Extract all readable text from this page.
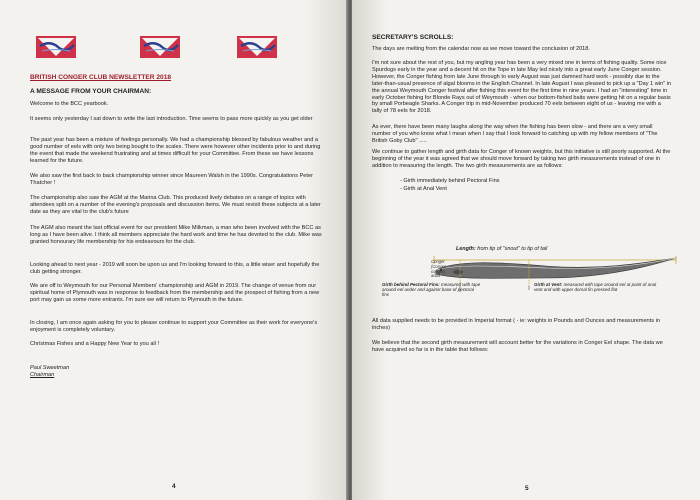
BRITISH CONGER CLUB NEWSLETTER 2018

A MESSAGE FROM YOUR CHAIRMAN:

Welcome to the BCC yearbook.

It seems only yesterday I sat down to write the last introduction. Time seems to pass more quickly as you get older

The past year has been a mixture of feelings personally. We had a championship blessed by fabulous weather and a good number of eels with only two being bought to the scales. There were however other incidents prior to and during the event that made the weekend frustrating and at times difficult for your Committee. From these we have lessons learned for the future.

We also saw the first back to back championship winner since Maureen Walsh in the 1990s. Congratulations Peter Thatcher !

The championship also saw the AGM at the Marina Club. This produced lively debates on a range of topics with attendees split on a number of the evening's proposals and discussion items. We must revisit these subjects at a later date as they are vital to the club's future

The AGM also meant the last official event for our president Mike Milkman, a man who been involved with the BCC as long as I have been alive. I think all members appreciate the hard work and time he has devoted to the club. Mike was granted honourary life membership for his endeavours for the club.

Looking ahead to next year - 2019 will soon be upon us and I'm looking forward to this, a little wiser and hopefully the club getting stronger.

We are off to Weymouth for our Personal Members' championship and AGM in 2019. The change of venue from our spiritual home of Plymouth was in response to feedback from the membership and the prospect of fishing from a new port may gain us some more entrants. I'm sure we will return to Plymouth in the future.

In closing, I am once again asking for you to please continue to support your Committee as their work for everyone's enjoyment is completely voluntary.

Christmas Fishes and a Happy New Year to you all !

Paul Sweetman

Chairman

4

SECRETARY'S SCROLLS:

The days are melting from the calendar now as we move toward the conclusion of 2018.

I'm not sure about the rest of you, but my angling year has been a very mixed one in terms of fishing quality. Some nice Spurdogs early in the year and a decent hit on the Tope in late May led nicely into a great early June Conger session. However, the Conger fishing from late June through to early August was just damned hard work - possibly due to the later-than-usual presence of algal blooms in the English Channel. In late August I was pleased to pick up a "Day 1 win" in the annual Weymouth Conger festival after fishing this event for the first time in nine years. I had an "interesting" time in early October fishing for Blonde Rays out of Weymouth - when our bottom-fished baits were getting hit on a regular basis by small Porbeagle Sharks. A Conger trip in mid-November produced 70 eels between eight of us - leaving me with a tally of 78 eels for 2018.

As ever, there have been many laughs along the way when the fishing has been slow - and there are a very small number of you who know what I mean when I say that I look forward to catching up with my fellow members of "The British Goby Club" .....

We continue to gather length and girth data for Conger of known weights, but this initiative is still poorly supported. At the beginning of the year it was agreed that we should move forward by taking two girth measurements instead of one in addition to measuring the length. The two girth measurements are as follows:

- Girth immediately behind Pectoral Fins

- Girth at Anal Vent

Length: from tip of "snout" to tip of tail
Conger
(Conger conger)
adult
Girth behind Pectoral Fins: measured with tape around eel under and against base of pectoral fins
Girth at Vent: measured with tape around eel at point of anal vent and with upper dorsal fin pressed flat

All data supplied needs to be provided in Imperial format ( - ie: weights in Pounds and Ounces and measurements in inches)

We believe that the second girth measurement will account better for the variations in Conger Eel shape. The data we have acquired so far is in the table that follows:

5
